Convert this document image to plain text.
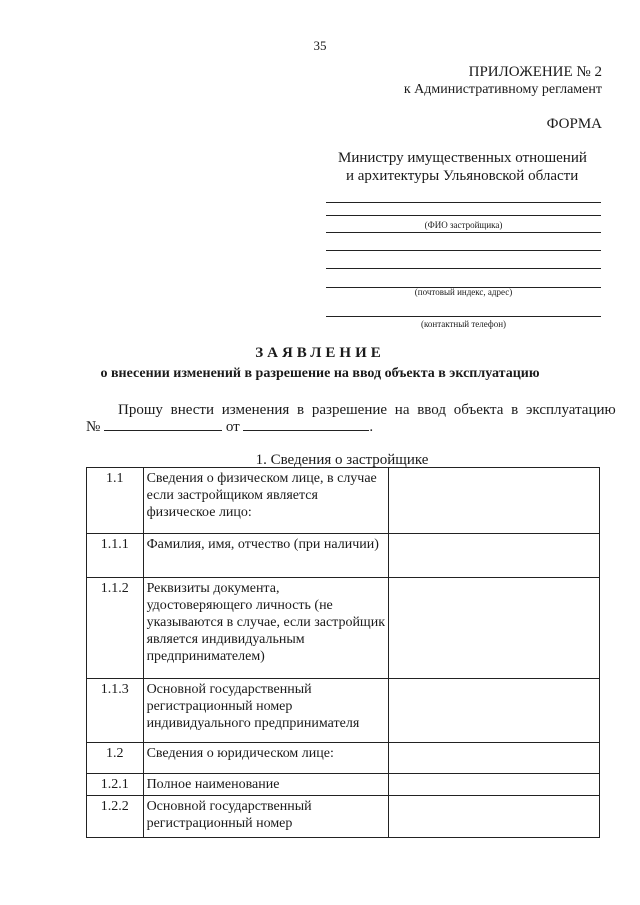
35
ПРИЛОЖЕНИЕ № 2
к Административному регламент
ФОРМА
Министру имущественных отношений
и архитектуры Ульяновской области
(ФИО застройщика)
(почтовый индекс, адрес)
(контактный телефон)
ЗАЯВЛЕНИЕ
о внесении изменений в разрешение на ввод объекта в эксплуатацию
Прошу внести изменения в разрешение на ввод объекта в эксплуатацию
№	от	.
1. Сведения о застройщике
1.1	Сведения о физическом лице, в случае если застройщиком является физическое лицо:	
1.1.1	Фамилия, имя, отчество (при наличии)	
1.1.2	Реквизиты документа, удостоверяющего личность (не указываются в случае, если застройщик является индивидуальным предпринимателем)	
1.1.3	Основной государственный регистрационный номер индивидуального предпринимателя	
1.2	Сведения о юридическом лице:	
1.2.1	Полное наименование	
1.2.2	Основной государственный регистрационный номер	
